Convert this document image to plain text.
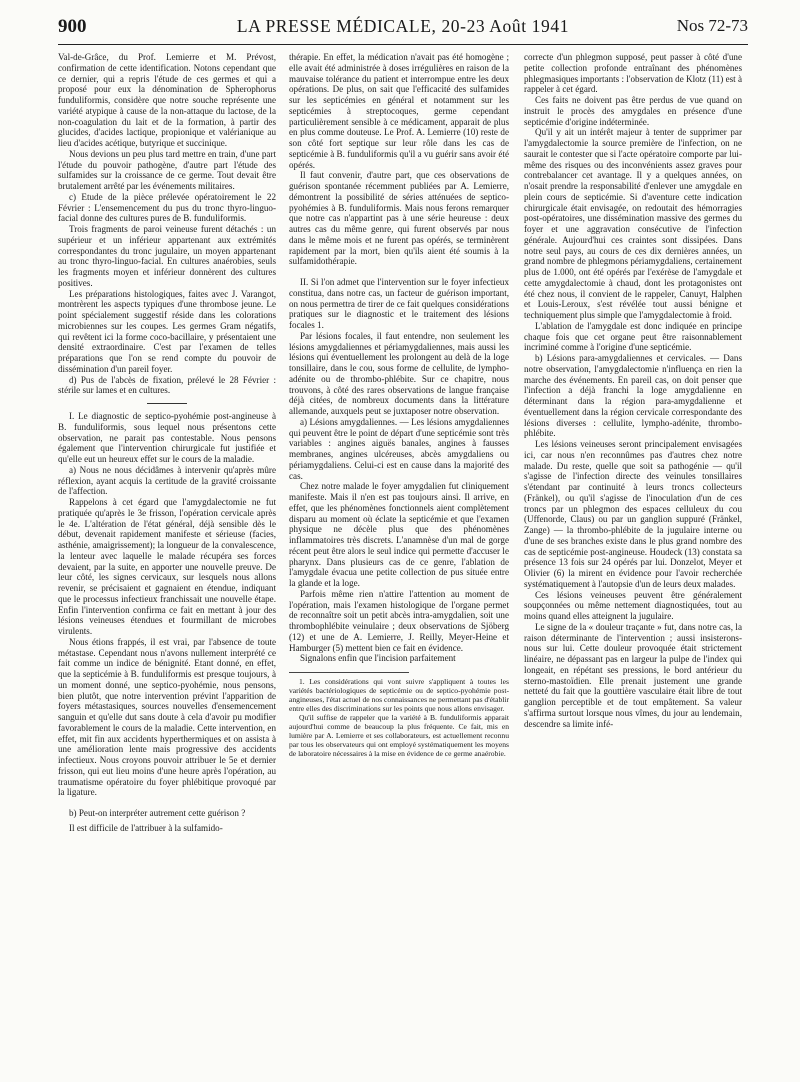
900	LA PRESSE MÉDICALE, 20-23 Août 1941	Nos 72-73

Val-de-Grâce, du Prof. Lemierre et M. Prévost, confirmation de cette identification. Notons cependant que ce dernier, qui a repris l'étude de ces germes et qui a proposé pour eux la dénomination de Spherophorus funduliformis, considère que notre souche représente une variété atypique à cause de la non-attaque du lactose, de la non-coagulation du lait et de la formation, à partir des glucides, d'acides lactique, propionique et valérianique au lieu d'acides acétique, butyrique et succinique.

Nous devions un peu plus tard mettre en train, d'une part l'étude du pouvoir pathogène, d'autre part l'étude des sulfamides sur la croissance de ce germe. Tout devait être brutalement arrêté par les événements militaires.

c) Etude de la pièce prélevée opératoirement le 22 Février : L'ensemencement du pus du tronc thyro-linguo-facial donne des cultures pures de B. funduliformis.

Trois fragments de paroi veineuse furent détachés : un supérieur et un inférieur appartenant aux extrémités correspondantes du tronc jugulaire, un moyen appartenant au tronc thyro-linguo-facial. En cultures anaérobies, seuls les fragments moyen et inférieur donnèrent des cultures positives.

Les préparations histologiques, faites avec J. Varangot, montrèrent les aspects typiques d'une thrombose jeune. Le point spécialement suggestif réside dans les colorations microbiennes sur les coupes. Les germes Gram négatifs, qui revêtent ici la forme coco-bacillaire, y présentaient une densité extraordinaire. C'est par l'examen de telles préparations que l'on se rend compte du pouvoir de dissémination d'un pareil foyer.

d) Pus de l'abcès de fixation, prélevé le 28 Février : stérile sur lames et en cultures.

I. Le diagnostic de septico-pyohémie post-angineuse à B. funduliformis, sous lequel nous présentons cette observation, ne parait pas contestable. Nous pensons également que l'intervention chirurgicale fut justifiée et qu'elle eut un heureux effet sur le cours de la maladie.

a) Nous ne nous décidâmes à intervenir qu'après mûre réflexion, ayant acquis la certitude de la gravité croissante de l'affection.

Rappelons à cet égard que l'amygdalectomie ne fut pratiquée qu'après le 3e frisson, l'opération cervicale après le 4e. L'altération de l'état général, déjà sensible dès le début, devenait rapidement manifeste et sérieuse (facies, asthénie, amaigrissement); la longueur de la convalescence, la lenteur avec laquelle le malade récupéra ses forces devaient, par la suite, en apporter une nouvelle preuve. De leur côté, les signes cervicaux, sur lesquels nous allons revenir, se précisaient et gagnaient en étendue, indiquant que le processus infectieux franchissait une nouvelle étape. Enfin l'intervention confirma ce fait en mettant à jour des lésions veineuses étendues et fourmillant de microbes virulents.

Nous étions frappés, il est vrai, par l'absence de toute métastase. Cependant nous n'avons nullement interprété ce fait comme un indice de bénignité. Etant donné, en effet, que la septicémie à B. funduliformis est presque toujours, à un moment donné, une septico-pyohémie, nous pensons, bien plutôt, que notre intervention prévint l'apparition de foyers métastasiques, sources nouvelles d'ensemencement sanguin et qu'elle dut sans doute à cela d'avoir pu modifier favorablement le cours de la maladie. Cette intervention, en effet, mit fin aux accidents hyperthermiques et on assista à une amélioration lente mais progressive des accidents infectieux. Nous croyons pouvoir attribuer le 5e et dernier frisson, qui eut lieu moins d'une heure après l'opération, au traumatisme opératoire du foyer phlébitique provoqué par la ligature.

b) Peut-on interpréter autrement cette guérison ?

Il est difficile de l'attribuer à la sulfamido-

thérapie. En effet, la médication n'avait pas été homogène ; elle avait été administrée à doses irrégulières en raison de la mauvaise tolérance du patient et interrompue entre les deux opérations. De plus, on sait que l'efficacité des sulfamides sur les septicémies en général et notamment sur les septicémies à streptocoques, germe cependant particulièrement sensible à ce médicament, apparait de plus en plus comme douteuse. Le Prof. A. Lemierre (10) reste de son côté fort septique sur leur rôle dans les cas de septicémie à B. funduliformis qu'il a vu guérir sans avoir été opérés.

Il faut convenir, d'autre part, que ces observations de guérison spontanée récemment publiées par A. Lemierre, démontrent la possibilité de séries atténuées de septico-pyohémies à B. funduliformis. Mais nous ferons remarquer que notre cas n'appartint pas à une série heureuse : deux autres cas du même genre, qui furent observés par nous dans le même mois et ne furent pas opérés, se terminèrent rapidement par la mort, bien qu'ils aient été soumis à la sulfamidothérapie.

II. Si l'on admet que l'intervention sur le foyer infectieux constitua, dans notre cas, un facteur de guérison important, on nous permettra de tirer de ce fait quelques considérations pratiques sur le diagnostic et le traitement des lésions focales 1.

Par lésions focales, il faut entendre, non seulement les lésions amygdaliennes et périamygdaliennes, mais aussi les lésions qui éventuellement les prolongent au delà de la loge tonsillaire, dans le cou, sous forme de cellulite, de lympho-adénite ou de thrombo-phlébite. Sur ce chapitre, nous trouvons, à côté des rares observations de langue française déjà citées, de nombreux documents dans la littérature allemande, auxquels peut se juxtaposer notre observation.

a) Lésions amygdaliennes. — Les lésions amygdaliennes qui peuvent être le point de départ d'une septicémie sont très variables : angines aiguës banales, angines à fausses membranes, angines ulcéreuses, abcès amygdaliens ou périamygdaliens. Celui-ci est en cause dans la majorité des cas.

Chez notre malade le foyer amygdalien fut cliniquement manifeste. Mais il n'en est pas toujours ainsi. Il arrive, en effet, que les phénomènes fonctionnels aient complètement disparu au moment où éclate la septicémie et que l'examen physique ne décèle plus que des phénomènes inflammatoires très discrets. L'anamnèse d'un mal de gorge récent peut être alors le seul indice qui permette d'accuser le pharynx. Dans plusieurs cas de ce genre, l'ablation de l'amygdale évacua une petite collection de pus située entre la glande et la loge.

Parfois même rien n'attire l'attention au moment de l'opération, mais l'examen histologique de l'organe permet de reconnaître soit un petit abcès intra-amygdalien, soit une thrombophlébite veinulaire ; deux observations de Sjöberg (12) et une de A. Lemierre, J. Reilly, Meyer-Heine et Hamburger (5) mettent bien ce fait en évidence.

Signalons enfin que l'incision parfaitement

1. Les considérations qui vont suivre s'appliquent à toutes les variétés bactériologiques de septicémie ou de septico-pyohémie post-angineuses, l'état actuel de nos connaissances ne permettant pas d'établir entre elles des discriminations sur les points que nous allons envisager.

Qu'il suffise de rappeler que la variété à B. funduliformis apparait aujourd'hui comme de beaucoup la plus fréquente. Ce fait, mis en lumière par A. Lemierre et ses collaborateurs, est actuellement reconnu par tous les observateurs qui ont employé systématiquement les moyens de laboratoire nécessaires à la mise en évidence de ce germe anaérobie.

correcte d'un phlegmon supposé, peut passer à côté d'une petite collection profonde entraînant des phénomènes phlegmasiques importants : l'observation de Klotz (11) est à rappeler à cet égard.

Ces faits ne doivent pas être perdus de vue quand on instruit le procès des amygdales en présence d'une septicémie d'origine indéterminée.

Qu'il y ait un intérêt majeur à tenter de supprimer par l'amygdalectomie la source première de l'infection, on ne saurait le contester que si l'acte opératoire comporte par lui-même des risques ou des inconvénients assez graves pour contrebalancer cet avantage. Il y a quelques années, on n'osait prendre la responsabilité d'enlever une amygdale en plein cours de septicémie. Si d'aventure cette indication chirurgicale était envisagée, on redoutait des hémorragies post-opératoires, une dissémination massive des germes du foyer et une aggravation consécutive de l'infection générale. Aujourd'hui ces craintes sont dissipées. Dans notre seul pays, au cours de ces dix dernières années, un grand nombre de phlegmons périamygdaliens, certainement plus de 1.000, ont été opérés par l'exérèse de l'amygdale et cette amygdalectomie à chaud, dont les protagonistes ont été chez nous, il convient de le rappeler, Canuyt, Halphen et Louis-Leroux, s'est révélée tout aussi bénigne et techniquement plus simple que l'amygdalectomie à froid.

L'ablation de l'amygdale est donc indiquée en principe chaque fois que cet organe peut être raisonnablement incriminé comme à l'origine d'une septicémie.

b) Lésions para-amygdaliennes et cervicales. — Dans notre observation, l'amygdalectomie n'influença en rien la marche des événements. En pareil cas, on doit penser que l'infection a déjà franchi la loge amygdalienne en déterminant dans la région para-amygdalienne et éventuellement dans la région cervicale correspondante des lésions diverses : cellulite, lympho-adénite, thrombo-phlébite.

Les lésions veineuses seront principalement envisagées ici, car nous n'en reconnûmes pas d'autres chez notre malade. Du reste, quelle que soit sa pathogénie — qu'il s'agisse de l'infection directe des veinules tonsillaires s'étendant par continuité à leurs troncs collecteurs (Fränkel), ou qu'il s'agisse de l'inoculation d'un de ces troncs par un phlegmon des espaces celluleux du cou (Uffenorde, Claus) ou par un ganglion suppuré (Fränkel, Zange) — la thrombo-phlébite de la jugulaire interne ou d'une de ses branches existe dans le plus grand nombre des cas de septicémie post-angineuse. Houdeck (13) constata sa présence 13 fois sur 24 opérés par lui. Donzelot, Meyer et Olivier (6) la mirent en évidence pour l'avoir recherchée systématiquement à l'autopsie d'un de leurs deux malades.

Ces lésions veineuses peuvent être généralement soupçonnées ou même nettement diagnostiquées, tout au moins quand elles atteignent la jugulaire.

Le signe de la « douleur traçante » fut, dans notre cas, la raison déterminante de l'intervention ; aussi insisterons-nous sur lui. Cette douleur provoquée était strictement linéaire, ne dépassant pas en largeur la pulpe de l'index qui longeait, en répétant ses pressions, le bord antérieur du sterno-mastoïdien. Elle prenait justement une grande netteté du fait que la gouttière vasculaire était libre de tout ganglion perceptible et de tout empâtement. Sa valeur s'affirma surtout lorsque nous vîmes, du jour au lendemain, descendre sa limite infé-
